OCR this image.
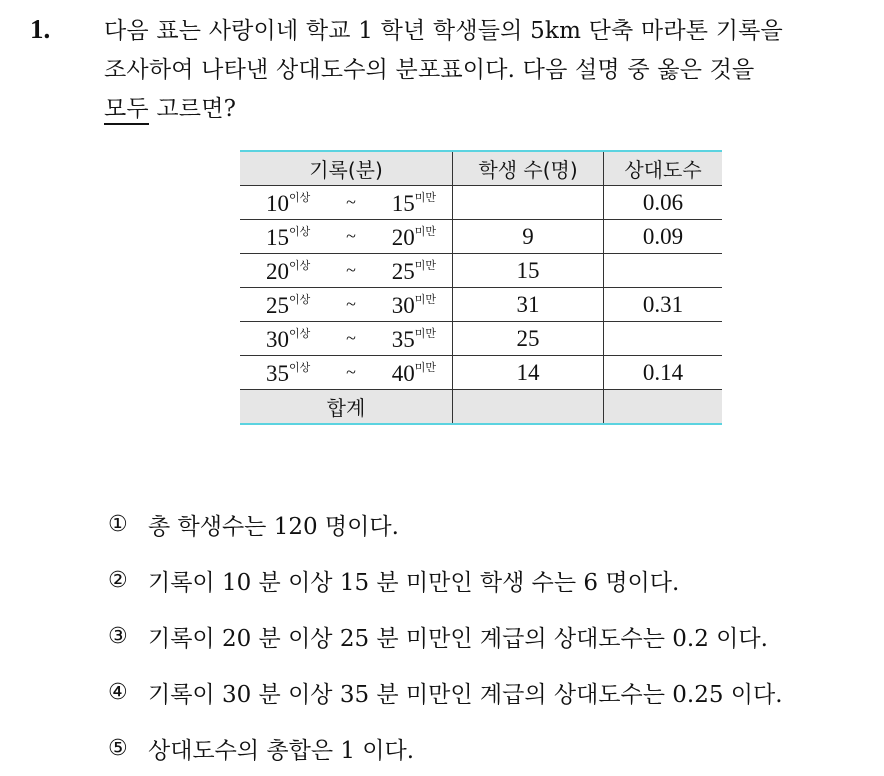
1. 다음 표는 사랑이네 학교 1 학년 학생들의 5km 단축 마라톤 기록을
조사하여 나타낸 상대도수의 분포표이다. 다음 설명 중 옳은 것을
모두 고르면?
기록(분)	학생 수(명)	상대도수

$10^{이상}$ ~ $15^{미만}$		0.06

$15^{이상}$ ~ $20^{미만}$	9	0.09

$20^{이상}$ ~ $25^{미만}$	15	

$25^{이상}$ ~ $30^{미만}$	31	0.31

$30^{이상}$ ~ $35^{미만}$	25	

$35^{이상}$ ~ $40^{미만}$	14	0.14
합계		
① 총 학생수는 120 명이다.
② 기록이 10 분 이상 15 분 미만인 학생 수는 6 명이다.
③ 기록이 20 분 이상 25 분 미만인 계급의 상대도수는 0.2 이다.
④ 기록이 30 분 이상 35 분 미만인 계급의 상대도수는 0.25 이다.
⑤ 상대도수의 총합은 1 이다.
